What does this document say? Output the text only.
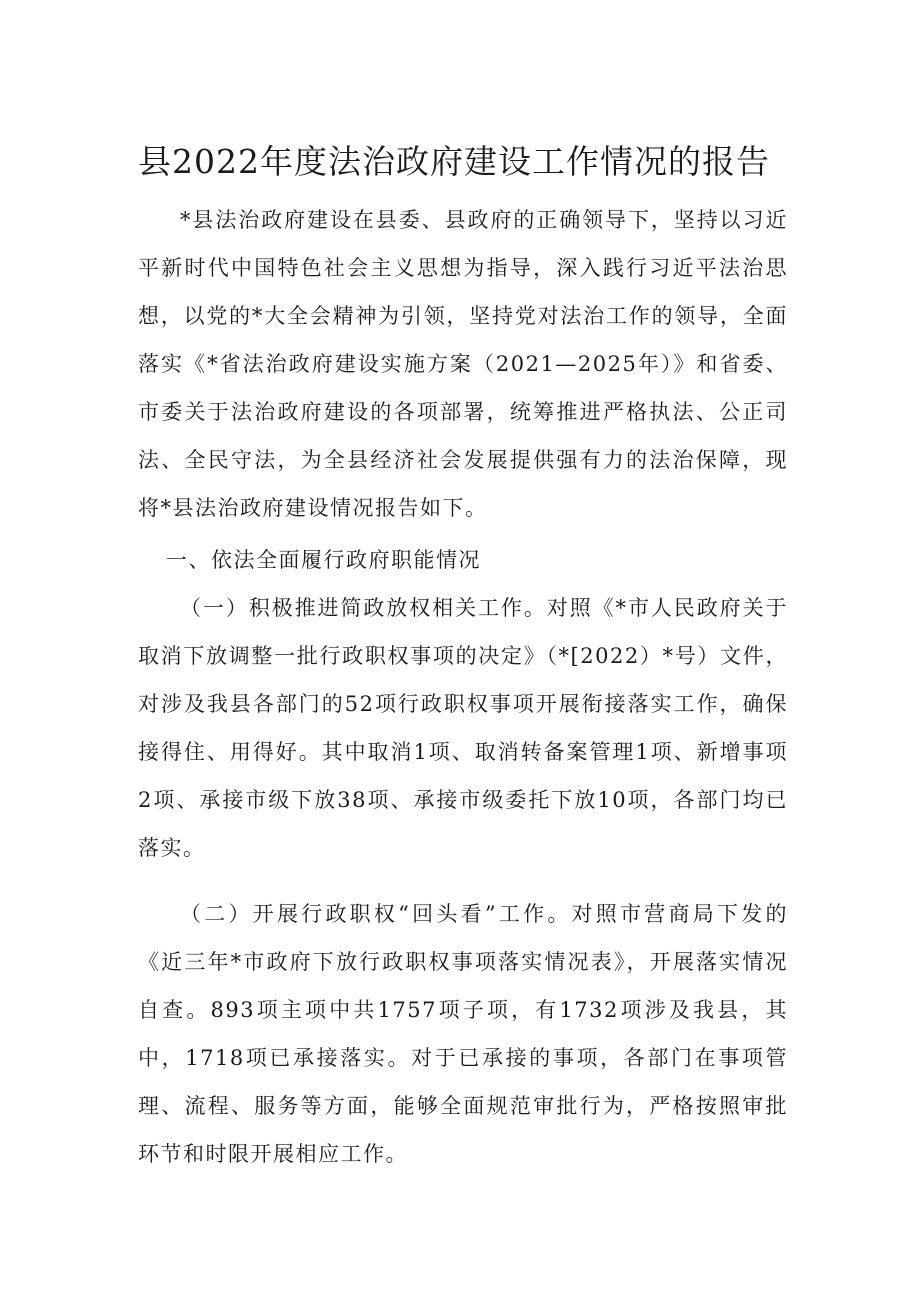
县2022年度法治政府建设工作情况的报告

*县法治政府建设在县委、县政府的正确领导下，坚持以习近平新时代中国特色社会主义思想为指导，深入践行习近平法治思想，以党的*大全会精神为引领，坚持党对法治工作的领导，全面落实《*省法治政府建设实施方案（2021—2025年）》和省委、市委关于法治政府建设的各项部署，统筹推进严格执法、公正司法、全民守法，为全县经济社会发展提供强有力的法治保障，现将*县法治政府建设情况报告如下。

一、依法全面履行政府职能情况

（一）积极推进简政放权相关工作。对照《*市人民政府关于取消下放调整一批行政职权事项的决定》（*[2022）*号）文件，对涉及我县各部门的52项行政职权事项开展衔接落实工作，确保接得住、用得好。其中取消1项、取消转备案管理1项、新增事项2项、承接市级下放38项、承接市级委托下放10项，各部门均已落实。

（二）开展行政职权“回头看”工作。对照市营商局下发的《近三年*市政府下放行政职权事项落实情况表》，开展落实情况自查。893项主项中共1757项子项，有1732项涉及我县，其中，1718项已承接落实。对于已承接的事项，各部门在事项管理、流程、服务等方面，能够全面规范审批行为，严格按照审批环节和时限开展相应工作。
